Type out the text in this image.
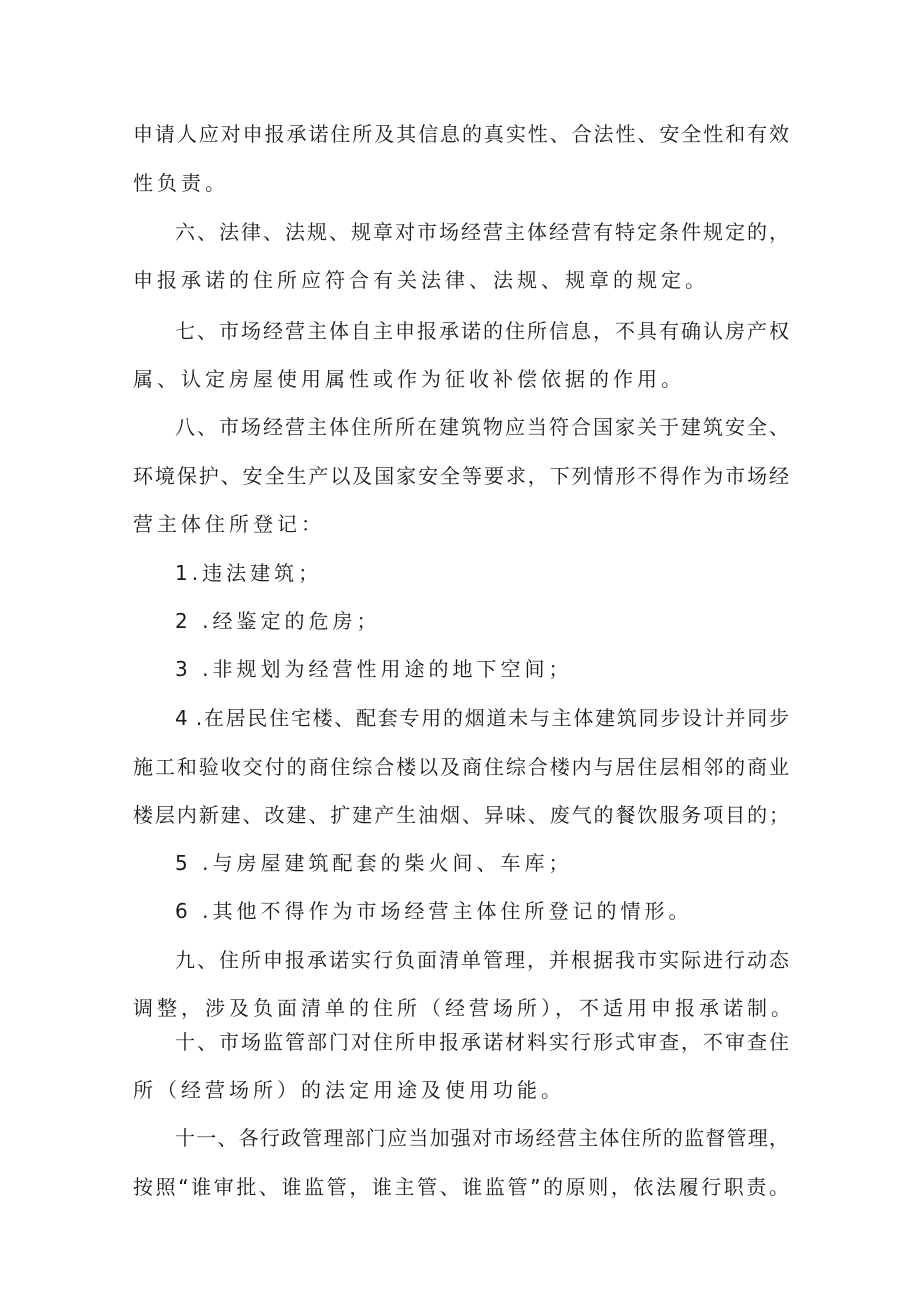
申请人应对申报承诺住所及其信息的真实性、合法性、安全性和有效
性负责。
六、法律、法规、规章对市场经营主体经营有特定条件规定的，
申报承诺的住所应符合有关法律、法规、规章的规定。
七、市场经营主体自主申报承诺的住所信息，不具有确认房产权
属、认定房屋使用属性或作为征收补偿依据的作用。
八、市场经营主体住所所在建筑物应当符合国家关于建筑安全、
环境保护、安全生产以及国家安全等要求，下列情形不得作为市场经
营主体住所登记：
1.违法建筑；
2 .经鉴定的危房；
3 .非规划为经营性用途的地下空间；
4 .在居民住宅楼、配套专用的烟道未与主体建筑同步设计并同步
施工和验收交付的商住综合楼以及商住综合楼内与居住层相邻的商业
楼层内新建、改建、扩建产生油烟、异味、废气的餐饮服务项目的；
5 .与房屋建筑配套的柴火间、车库；
6 .其他不得作为市场经营主体住所登记的情形。
九、住所申报承诺实行负面清单管理，并根据我市实际进行动态
调整，涉及负面清单的住所（经营场所），不适用申报承诺制。
十、市场监管部门对住所申报承诺材料实行形式审查，不审查住
所（经营场所）的法定用途及使用功能。
十一、各行政管理部门应当加强对市场经营主体住所的监督管理，
按照“谁审批、谁监管，谁主管、谁监管”的原则，依法履行职责。
